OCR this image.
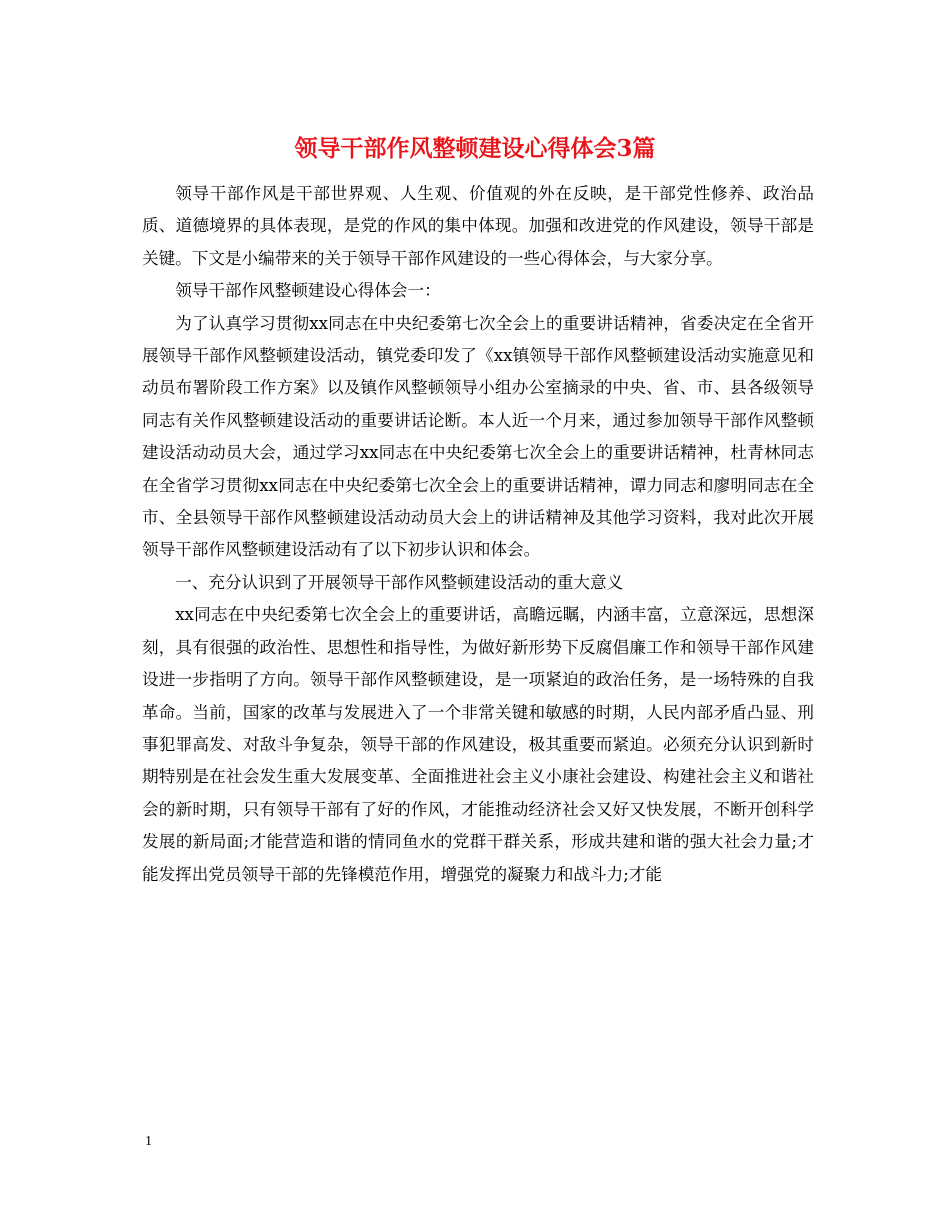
领导干部作风整顿建设心得体会3篇

领导干部作风是干部世界观、人生观、价值观的外在反映，是干部党性修养、政治品质、道德境界的具体表现，是党的作风的集中体现。加强和改进党的作风建设，领导干部是关键。下文是小编带来的关于领导干部作风建设的一些心得体会，与大家分享。

领导干部作风整顿建设心得体会一：

为了认真学习贯彻xx同志在中央纪委第七次全会上的重要讲话精神，省委决定在全省开展领导干部作风整顿建设活动，镇党委印发了《xx镇领导干部作风整顿建设活动实施意见和动员布署阶段工作方案》以及镇作风整顿领导小组办公室摘录的中央、省、市、县各级领导同志有关作风整顿建设活动的重要讲话论断。本人近一个月来，通过参加领导干部作风整顿建设活动动员大会，通过学习xx同志在中央纪委第七次全会上的重要讲话精神，杜青林同志在全省学习贯彻xx同志在中央纪委第七次全会上的重要讲话精神，谭力同志和廖明同志在全市、全县领导干部作风整顿建设活动动员大会上的讲话精神及其他学习资料，我对此次开展领导干部作风整顿建设活动有了以下初步认识和体会。

一、充分认识到了开展领导干部作风整顿建设活动的重大意义

xx同志在中央纪委第七次全会上的重要讲话，高瞻远瞩，内涵丰富，立意深远，思想深刻，具有很强的政治性、思想性和指导性，为做好新形势下反腐倡廉工作和领导干部作风建设进一步指明了方向。领导干部作风整顿建设，是一项紧迫的政治任务，是一场特殊的自我革命。当前，国家的改革与发展进入了一个非常关键和敏感的时期，人民内部矛盾凸显、刑事犯罪高发、对敌斗争复杂，领导干部的作风建设，极其重要而紧迫。必须充分认识到新时期特别是在社会发生重大发展变革、全面推进社会主义小康社会建设、构建社会主义和谐社会的新时期，只有领导干部有了好的作风，才能推动经济社会又好又快发展，不断开创科学发展的新局面;才能营造和谐的情同鱼水的党群干群关系，形成共建和谐的强大社会力量;才能发挥出党员领导干部的先锋模范作用，增强党的凝聚力和战斗力;才能

1
